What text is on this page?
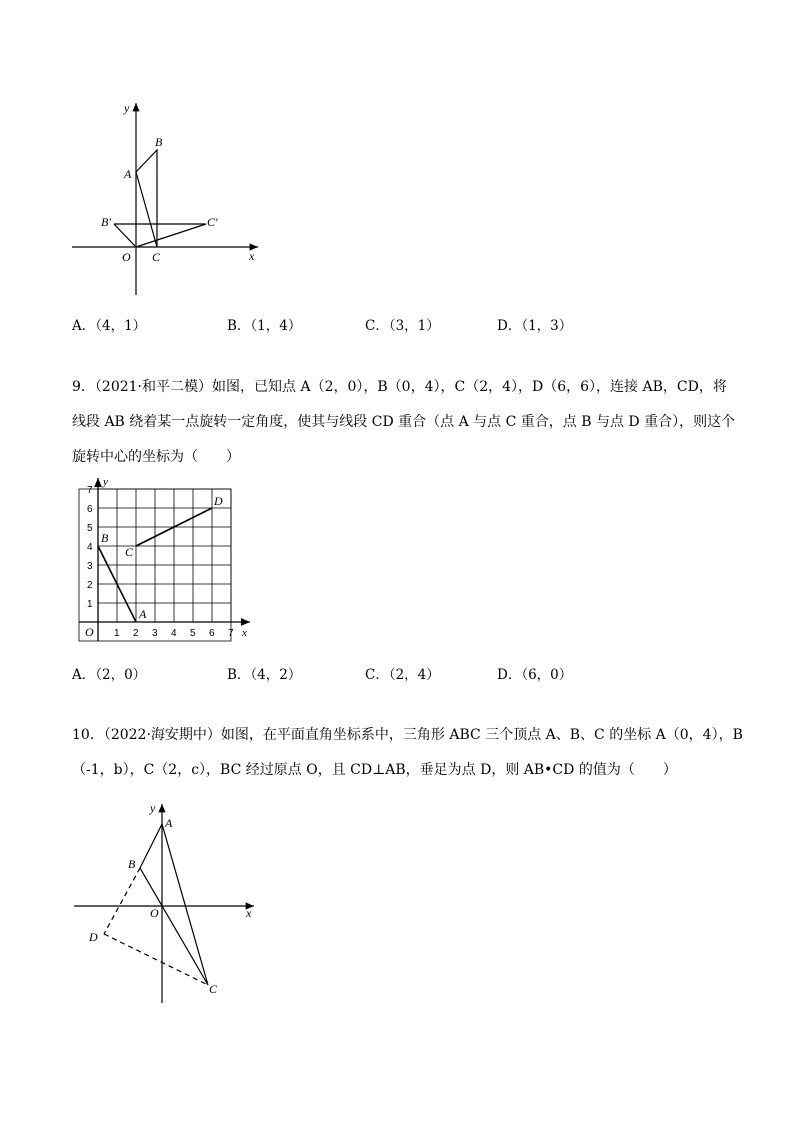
y
x
B
A
B′	C′
O C
A．（4，1）	B．（1，4）	C．（3，1）	D．（1，3）
9．（2021·和平二模）如图，已知点 A（2，0），B（0，4），C（2，4），D（6，6），连接 AB，CD，将
线段 AB 绕着某一点旋转一定角度，使其与线段 CD 重合（点 A 与点 C 重合，点 B 与点 D 重合），则这个
旋转中心的坐标为（　　）
1 2 3 4 5 6 7
1
2
3
4
5
6
7
y
x
O
B
C
D
A
A．（2，0）	B．（4，2）	C．（2，4）	D．（6，0）
10．（2022·海安期中）如图，在平面直角坐标系中，三角形 ABC 三个顶点 A、B、C 的坐标 A（0，4），B
（-1，b），C（2，c），BC 经过原点 O，且 CD⊥AB，垂足为点 D，则 AB•CD 的值为（　　）
y
x
A
B
O
D
C
